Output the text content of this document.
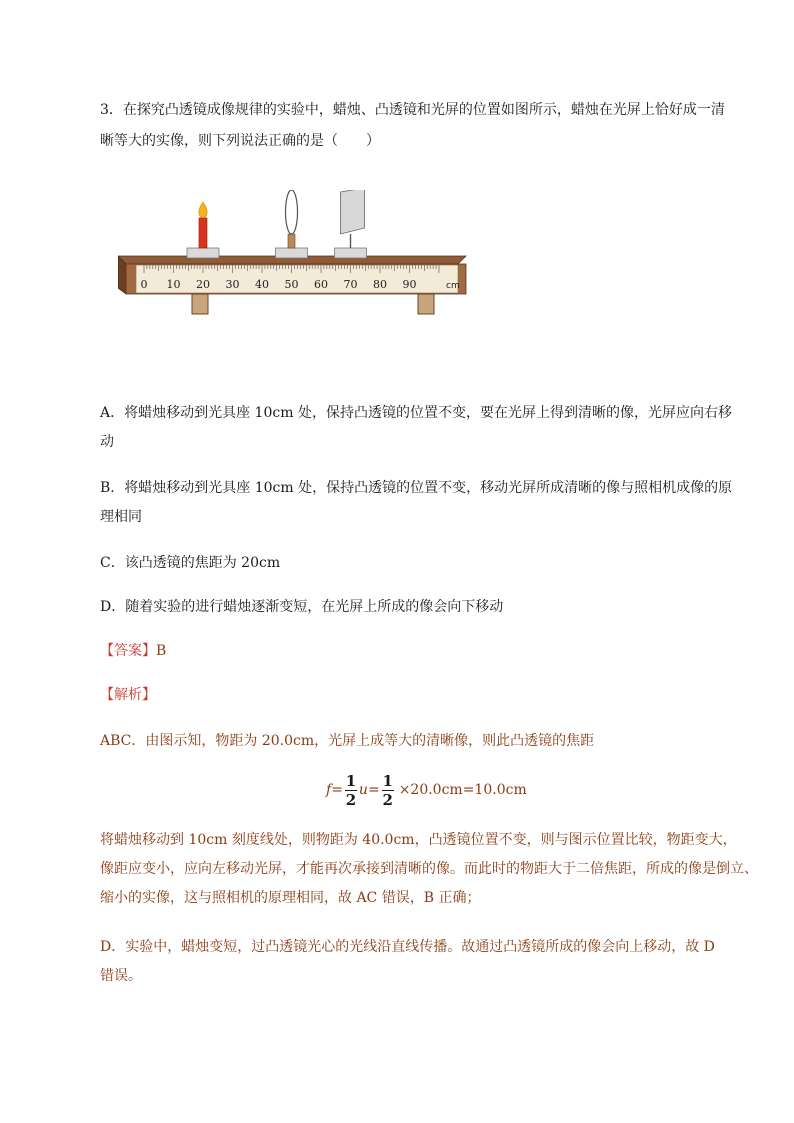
3．在探究凸透镜成像规律的实验中，蜡烛、凸透镜和光屏的位置如图所示，蜡烛在光屏上恰好成一清
晰等大的实像，则下列说法正确的是（　　）
0 10 20 30 40 50 60 70 80 90	cm
A．将蜡烛移动到光具座 10cm 处，保持凸透镜的位置不变，要在光屏上得到清晰的像，光屏应向右移
动
B．将蜡烛移动到光具座 10cm 处，保持凸透镜的位置不变，移动光屏所成清晰的像与照相机成像的原
理相同
C．该凸透镜的焦距为 20cm
D．随着实验的进行蜡烛逐渐变短，在光屏上所成的像会向下移动
【答案】B
【解析】
ABC．由图示知，物距为 20.0cm，光屏上成等大的清晰像，则此凸透镜的焦距
$f = \frac{1}{2}$ $u = \frac{1}{2} \times 20.0cm=10.0cm$
将蜡烛移动到 10cm 刻度线处，则物距为 40.0cm，凸透镜位置不变，则与图示位置比较，物距变大，
像距应变小，应向左移动光屏，才能再次承接到清晰的像。而此时的物距大于二倍焦距，所成的像是倒立、
缩小的实像，这与照相机的原理相同，故 AC 错误，B 正确；
D．实验中，蜡烛变短，过凸透镜光心的光线沿直线传播。故通过凸透镜所成的像会向上移动，故 D
错误。
